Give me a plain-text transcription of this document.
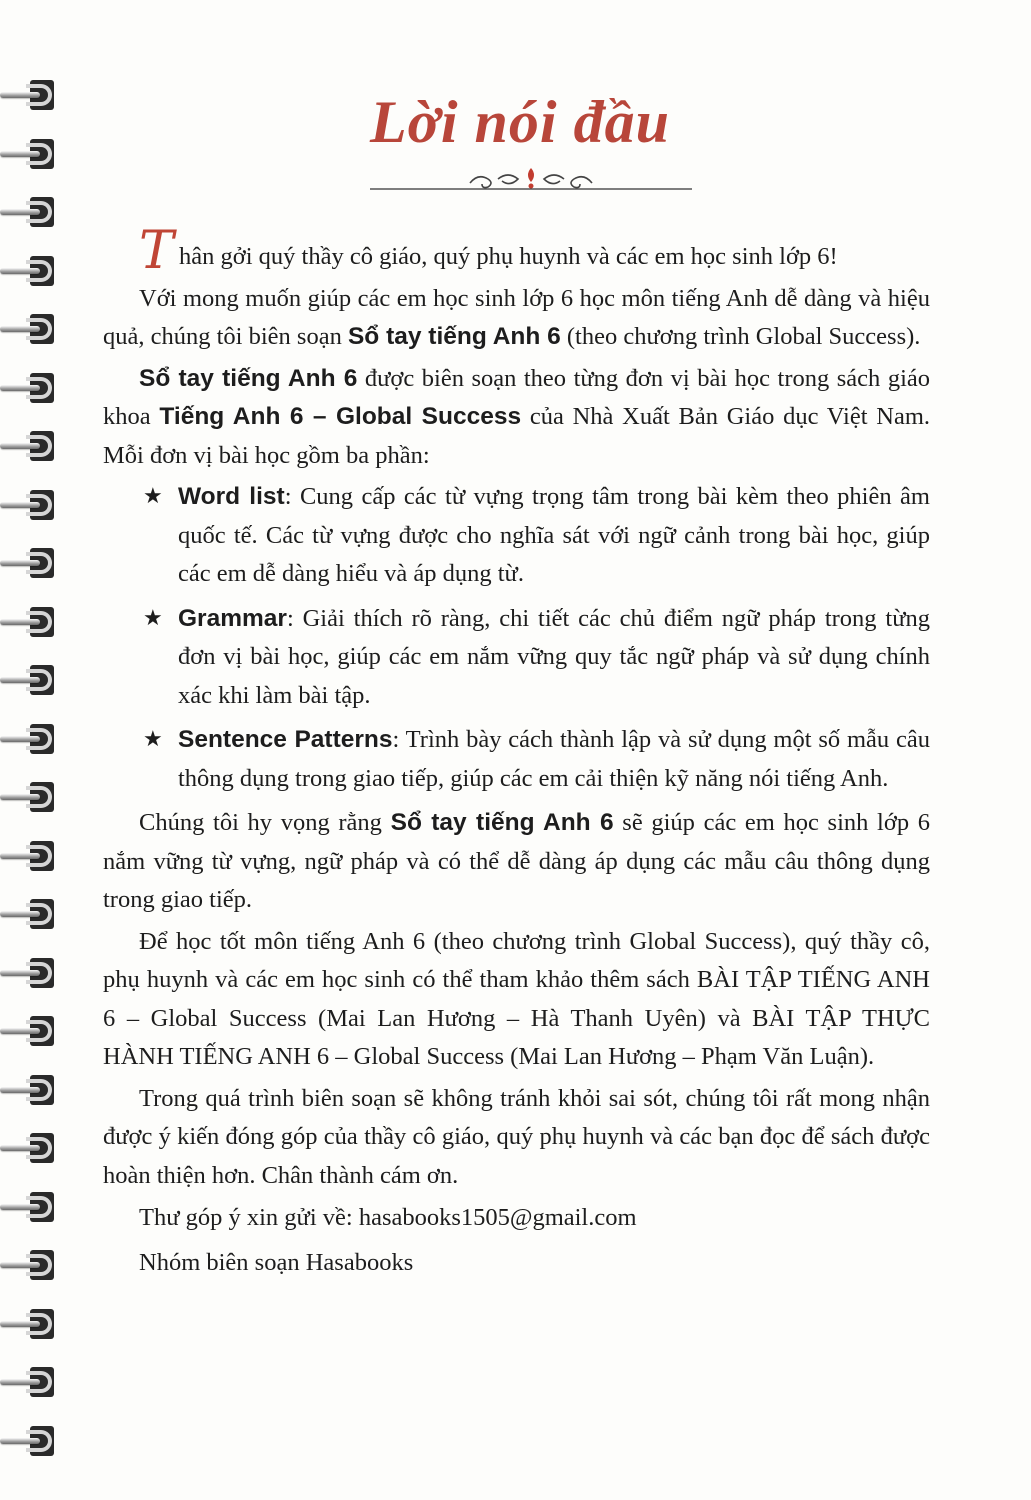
Lời nói đầu

Thân gởi quý thầy cô giáo, quý phụ huynh và các em học sinh lớp 6!

Với mong muốn giúp các em học sinh lớp 6 học môn tiếng Anh dễ dàng và hiệu quả, chúng tôi biên soạn Sổ tay tiếng Anh 6 (theo chương trình Global Success).

Sổ tay tiếng Anh 6 được biên soạn theo từng đơn vị bài học trong sách giáo khoa Tiếng Anh 6 – Global Success của Nhà Xuất Bản Giáo dục Việt Nam. Mỗi đơn vị bài học gồm ba phần:

★ Word list: Cung cấp các từ vựng trọng tâm trong bài kèm theo phiên âm quốc tế. Các từ vựng được cho nghĩa sát với ngữ cảnh trong bài học, giúp các em dễ dàng hiểu và áp dụng từ.
★ Grammar: Giải thích rõ ràng, chi tiết các chủ điểm ngữ pháp trong từng đơn vị bài học, giúp các em nắm vững quy tắc ngữ pháp và sử dụng chính xác khi làm bài tập.
★ Sentence Patterns: Trình bày cách thành lập và sử dụng một số mẫu câu thông dụng trong giao tiếp, giúp các em cải thiện kỹ năng nói tiếng Anh.

Chúng tôi hy vọng rằng Sổ tay tiếng Anh 6 sẽ giúp các em học sinh lớp 6 nắm vững từ vựng, ngữ pháp và có thể dễ dàng áp dụng các mẫu câu thông dụng trong giao tiếp.

Để học tốt môn tiếng Anh 6 (theo chương trình Global Success), quý thầy cô, phụ huynh và các em học sinh có thể tham khảo thêm sách BÀI TẬP TIẾNG ANH 6 – Global Success (Mai Lan Hương – Hà Thanh Uyên) và BÀI TẬP THỰC HÀNH TIẾNG ANH 6 – Global Success (Mai Lan Hương – Phạm Văn Luận).

Trong quá trình biên soạn sẽ không tránh khỏi sai sót, chúng tôi rất mong nhận được ý kiến đóng góp của thầy cô giáo, quý phụ huynh và các bạn đọc để sách được hoàn thiện hơn. Chân thành cám ơn.

Thư góp ý xin gửi về: hasabooks1505@gmail.com

Nhóm biên soạn Hasabooks
